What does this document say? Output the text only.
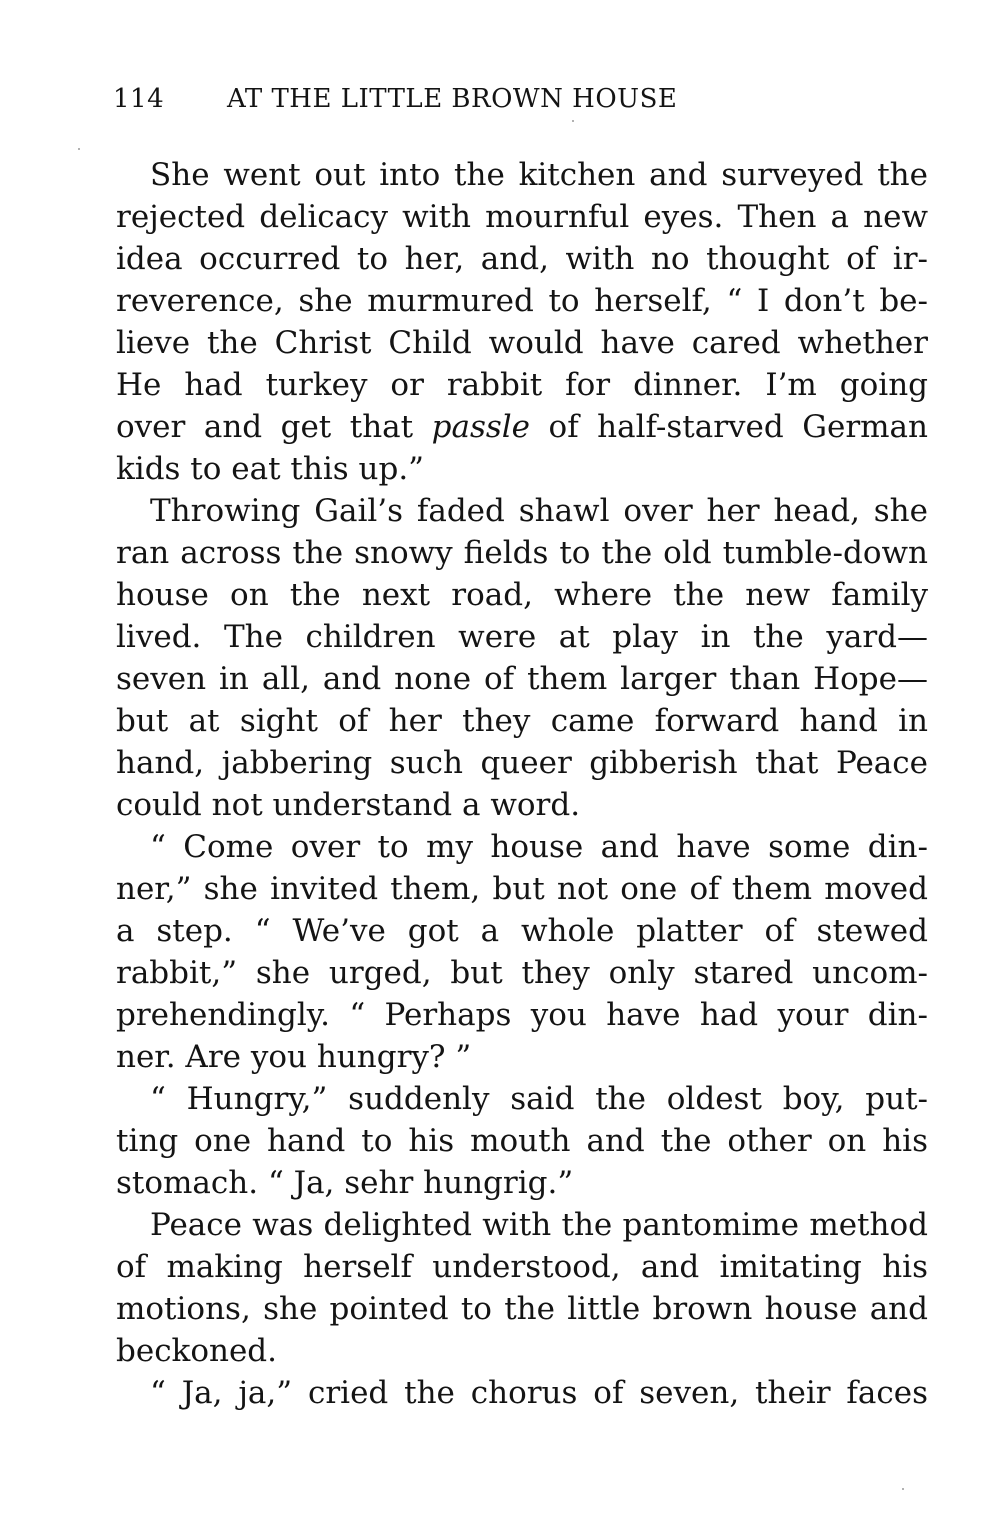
114 AT THE LITTLE BROWN HOUSE
She went out into the kitchen and surveyed the
rejected delicacy with mournful eyes. Then a new
idea occurred to her, and, with no thought of ir-
reverence, she murmured to herself, “ I don’t be-
lieve the Christ Child would have cared whether
He had turkey or rabbit for dinner. I’m going
over and get that passle of half-starved German
kids to eat this up.”
Throwing Gail’s faded shawl over her head, she
ran across the snowy fields to the old tumble-down
house on the next road, where the new family
lived. The children were at play in the yard—
seven in all, and none of them larger than Hope—
but at sight of her they came forward hand in
hand, jabbering such queer gibberish that Peace
could not understand a word.
“ Come over to my house and have some din-
ner,” she invited them, but not one of them moved
a step. “ We’ve got a whole platter of stewed
rabbit,” she urged, but they only stared uncom-
prehendingly. “ Perhaps you have had your din-
ner. Are you hungry? ”
“ Hungry,” suddenly said the oldest boy, put-
ting one hand to his mouth and the other on his
stomach. “ Ja, sehr hungrig.”
Peace was delighted with the pantomime method
of making herself understood, and imitating his
motions, she pointed to the little brown house and
beckoned.
“ Ja, ja,” cried the chorus of seven, their faces
